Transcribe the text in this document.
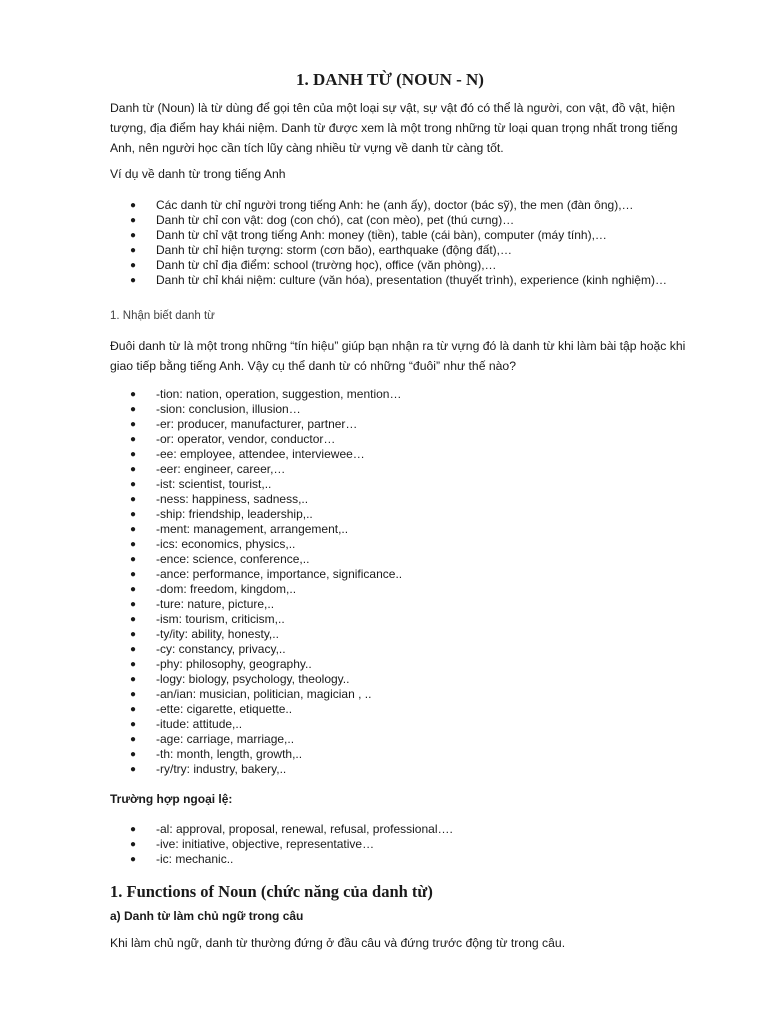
1. DANH TỪ (NOUN - N)

Danh từ (Noun) là từ dùng để gọi tên của một loại sự vật, sự vật đó có thể là người, con vật, đồ vật, hiện
tượng, địa điểm hay khái niệm. Danh từ được xem là một trong những từ loại quan trọng nhất trong tiếng
Anh, nên người học cần tích lũy càng nhiều từ vựng về danh từ càng tốt.

Ví dụ về danh từ trong tiếng Anh

● Các danh từ chỉ người trong tiếng Anh: he (anh ấy), doctor (bác sỹ), the men (đàn ông),…
● Danh từ chỉ con vật: dog (con chó), cat (con mèo), pet (thú cưng)…
● Danh từ chỉ vật trong tiếng Anh: money (tiền), table (cái bàn), computer (máy tính),…
● Danh từ chỉ hiện tượng: storm (cơn bão), earthquake (động đất),…
● Danh từ chỉ địa điểm: school (trường học), office (văn phòng),…
● Danh từ chỉ khái niệm: culture (văn hóa), presentation (thuyết trình), experience (kinh nghiệm)…

1. Nhận biết danh từ

Đuôi danh từ là một trong những “tín hiệu” giúp bạn nhận ra từ vựng đó là danh từ khi làm bài tập hoặc khi
giao tiếp bằng tiếng Anh. Vậy cụ thể danh từ có những “đuôi” như thế nào?

● -tion: nation, operation, suggestion, mention…
● -sion: conclusion, illusion…
● -er: producer, manufacturer, partner…
● -or: operator, vendor, conductor…
● -ee: employee, attendee, interviewee…
● -eer: engineer, career,…
● -ist: scientist, tourist,..
● -ness: happiness, sadness,..
● -ship: friendship, leadership,..
● -ment: management, arrangement,..
● -ics: economics, physics,..
● -ence: science, conference,..
● -ance: performance, importance, significance..
● -dom: freedom, kingdom,..
● -ture: nature, picture,..
● -ism: tourism, criticism,..
● -ty/ity: ability, honesty,..
● -cy: constancy, privacy,..
● -phy: philosophy, geography..
● -logy: biology, psychology, theology..
● -an/ian: musician, politician, magician , ..
● -ette: cigarette, etiquette..
● -itude: attitude,..
● -age: carriage, marriage,..
● -th: month, length, growth,..
● -ry/try: industry, bakery,..

Trường hợp ngoại lệ:

● -al: approval, proposal, renewal, refusal, professional….
● -ive: initiative, objective, representative…
● -ic: mechanic..
1. Functions of Noun (chức năng của danh từ)

a) Danh từ làm chủ ngữ trong câu

Khi làm chủ ngữ, danh từ thường đứng ở đầu câu và đứng trước động từ trong câu.
